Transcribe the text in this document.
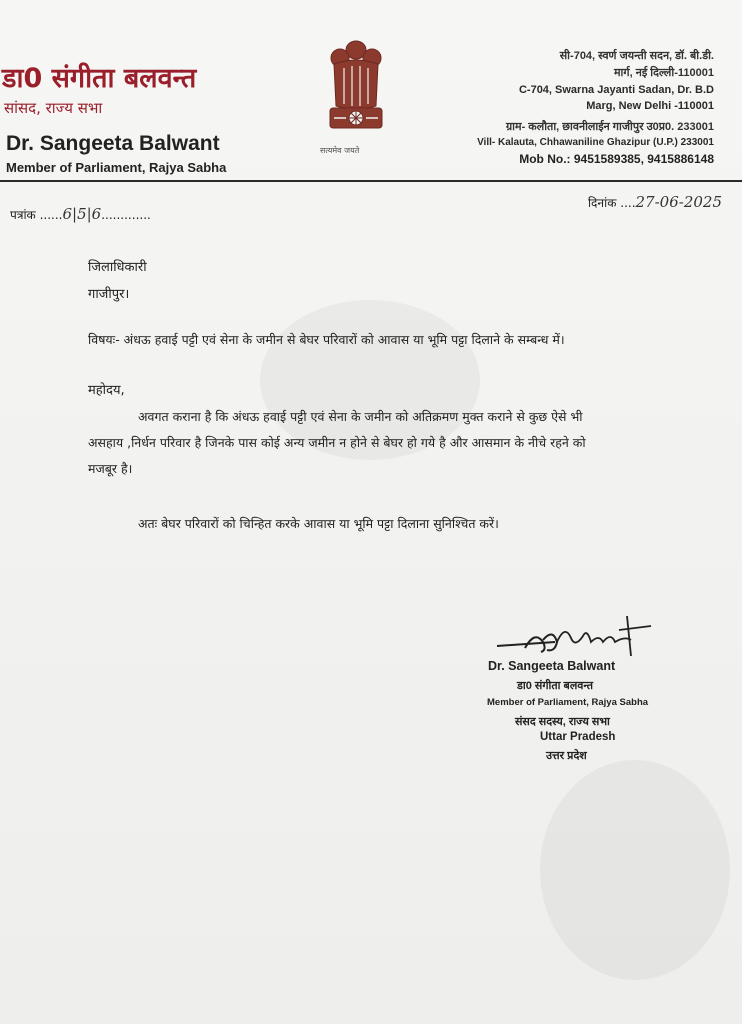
डा0 संगीता बलवन्त
सांसद, राज्य सभा
Dr. Sangeeta Balwant
Member of Parliament, Rajya Sabha
सत्यमेव जयते
सी-704, स्वर्ण जयन्ती सदन, डॉ. बी.डी.
मार्ग, नई दिल्ली-110001
C-704, Swarna Jayanti Sadan, Dr. B.D
Marg, New Delhi -110001
ग्राम- कलौता, छावनीलाईन गाजीपुर उ0प्र0. 233001
Vill- Kalauta, Chhawaniline Ghazipur (U.P.) 233001
Mob No.: 9451589385, 9415886148
पत्रांक ......6|5|6.............
दिनांक ....27-06-2025
जिलाधिकारी
गाजीपुर।
विषयः- अंधऊ हवाई पट्टी एवं सेना के जमीन से बेघर परिवारों को आवास या भूमि पट्टा दिलाने के सम्बन्ध में।
महोदय,
अवगत कराना है कि अंधऊ हवाई पट्टी एवं सेना के जमीन को अतिक्रमण मुक्त कराने से कुछ ऐसे भी
असहाय ,निर्धन परिवार है जिनके पास कोई अन्य जमीन न होने से बेघर हो गये है और आसमान के नीचे रहने को
मजबूर है।
अतः बेघर परिवारों को चिन्हित करके आवास या भूमि पट्टा दिलाना सुनिश्चित करें।
Dr. Sangeeta Balwant
डा0 संगीता बलवन्त
Member of Parliament, Rajya Sabha
संसद सदस्य, राज्य सभा
Uttar Pradesh
उत्तर प्रदेश
